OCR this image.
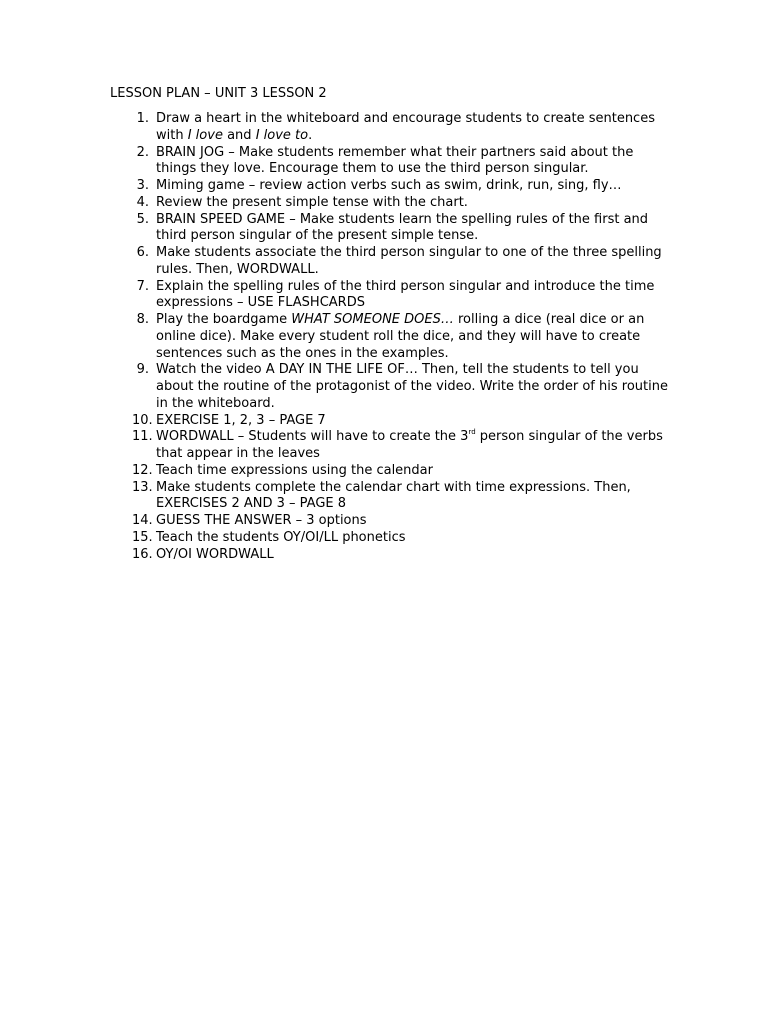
LESSON PLAN – UNIT 3 LESSON 2
1. Draw a heart in the whiteboard and encourage students to create sentences with I love and I love to.
2. BRAIN JOG – Make students remember what their partners said about the things they love. Encourage them to use the third person singular.
3. Miming game – review action verbs such as swim, drink, run, sing, fly…
4. Review the present simple tense with the chart.
5. BRAIN SPEED GAME – Make students learn the spelling rules of the first and third person singular of the present simple tense.
6. Make students associate the third person singular to one of the three spelling rules. Then, WORDWALL.
7. Explain the spelling rules of the third person singular and introduce the time expressions – USE FLASHCARDS
8. Play the boardgame WHAT SOMEONE DOES… rolling a dice (real dice or an online dice). Make every student roll the dice, and they will have to create sentences such as the ones in the examples.
9. Watch the video A DAY IN THE LIFE OF… Then, tell the students to tell you about the routine of the protagonist of the video. Write the order of his routine in the whiteboard.
10. EXERCISE 1, 2, 3 – PAGE 7
11. WORDWALL – Students will have to create the 3rd person singular of the verbs that appear in the leaves
12. Teach time expressions using the calendar
13. Make students complete the calendar chart with time expressions. Then, EXERCISES 2 AND 3 – PAGE 8
14. GUESS THE ANSWER – 3 options
15. Teach the students OY/OI/LL phonetics
16. OY/OI WORDWALL
